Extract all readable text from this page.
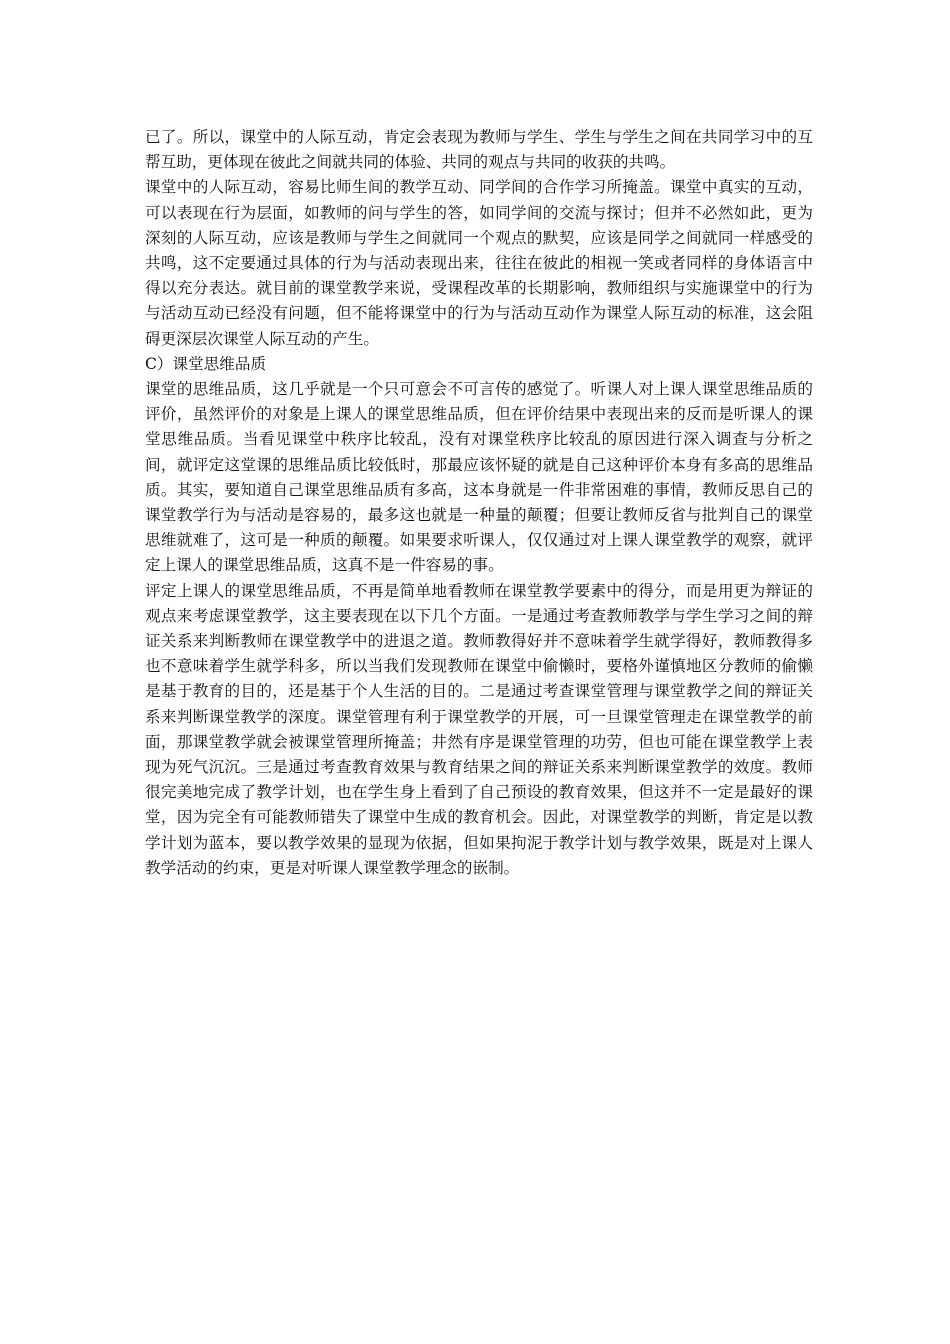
已了。所以，课堂中的人际互动，肯定会表现为教师与学生、学生与学生之间在共同学习中的互帮互助，更体现在彼此之间就共同的体验、共同的观点与共同的收获的共鸣。

课堂中的人际互动，容易比师生间的教学互动、同学间的合作学习所掩盖。课堂中真实的互动，可以表现在行为层面，如教师的问与学生的答，如同学间的交流与探讨；但并不必然如此，更为深刻的人际互动，应该是教师与学生之间就同一个观点的默契，应该是同学之间就同一样感受的共鸣，这不定要通过具体的行为与活动表现出来，往往在彼此的相视一笑或者同样的身体语言中得以充分表达。就目前的课堂教学来说，受课程改革的长期影响，教师组织与实施课堂中的行为与活动互动已经没有问题，但不能将课堂中的行为与活动互动作为课堂人际互动的标准，这会阻碍更深层次课堂人际互动的产生。

C）课堂思维品质

课堂的思维品质，这几乎就是一个只可意会不可言传的感觉了。听课人对上课人课堂思维品质的评价，虽然评价的对象是上课人的课堂思维品质，但在评价结果中表现出来的反而是听课人的课堂思维品质。当看见课堂中秩序比较乱，没有对课堂秩序比较乱的原因进行深入调查与分析之间，就评定这堂课的思维品质比较低时，那最应该怀疑的就是自己这种评价本身有多高的思维品质。其实，要知道自己课堂思维品质有多高，这本身就是一件非常困难的事情，教师反思自己的课堂教学行为与活动是容易的，最多这也就是一种量的颠覆；但要让教师反省与批判自己的课堂思维就难了，这可是一种质的颠覆。如果要求听课人，仅仅通过对上课人课堂教学的观察，就评定上课人的课堂思维品质，这真不是一件容易的事。

评定上课人的课堂思维品质，不再是简单地看教师在课堂教学要素中的得分，而是用更为辩证的观点来考虑课堂教学，这主要表现在以下几个方面。一是通过考查教师教学与学生学习之间的辩证关系来判断教师在课堂教学中的进退之道。教师教得好并不意味着学生就学得好，教师教得多也不意味着学生就学科多，所以当我们发现教师在课堂中偷懒时，要格外谨慎地区分教师的偷懒是基于教育的目的，还是基于个人生活的目的。二是通过考查课堂管理与课堂教学之间的辩证关系来判断课堂教学的深度。课堂管理有利于课堂教学的开展，可一旦课堂管理走在课堂教学的前面，那课堂教学就会被课堂管理所掩盖；井然有序是课堂管理的功劳，但也可能在课堂教学上表现为死气沉沉。三是通过考查教育效果与教育结果之间的辩证关系来判断课堂教学的效度。教师很完美地完成了教学计划，也在学生身上看到了自己预设的教育效果，但这并不一定是最好的课堂，因为完全有可能教师错失了课堂中生成的教育机会。因此，对课堂教学的判断，肯定是以教学计划为蓝本，要以教学效果的显现为依据，但如果拘泥于教学计划与教学效果，既是对上课人教学活动的约束，更是对听课人课堂教学理念的嵌制。
